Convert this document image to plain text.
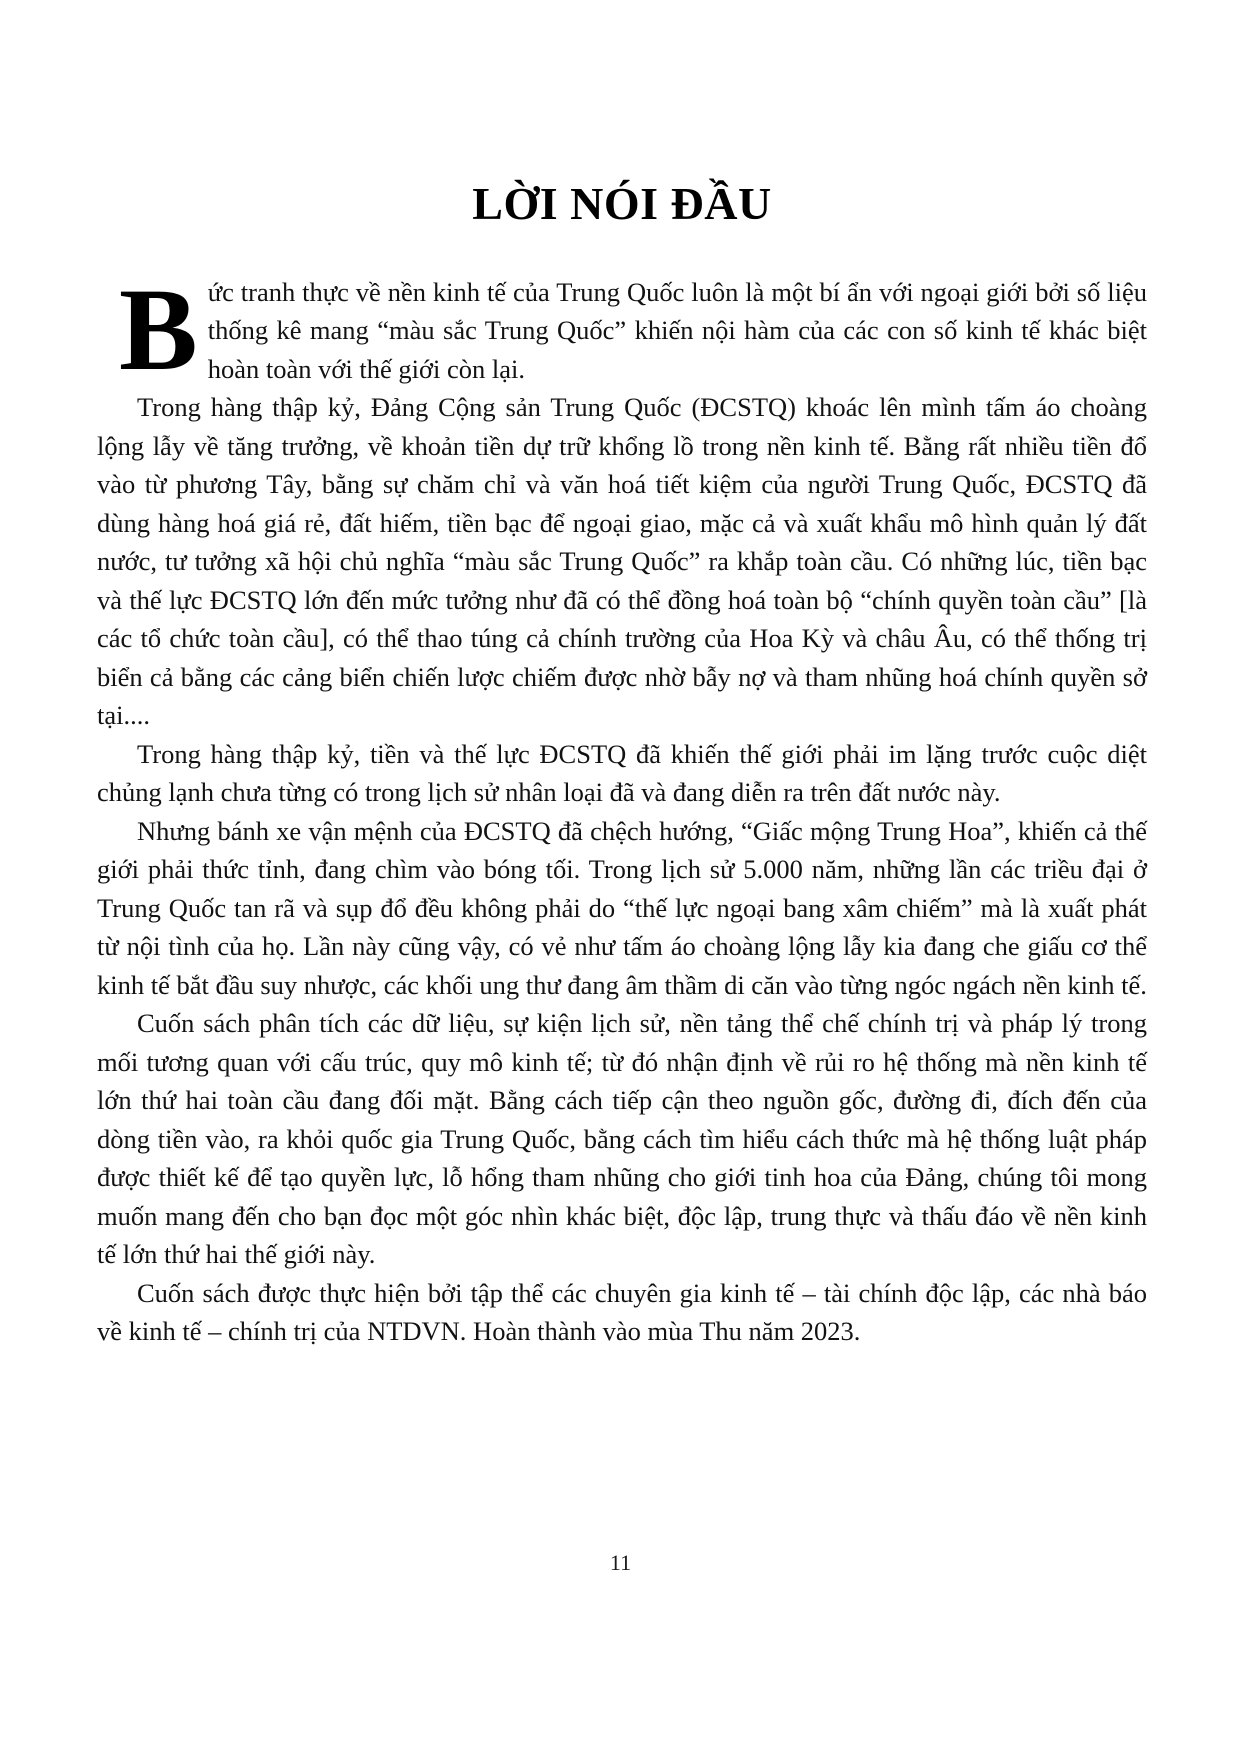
LỜI NÓI ĐẦU

Bức tranh thực về nền kinh tế của Trung Quốc luôn là một bí ẩn với ngoại giới bởi số liệu thống kê mang “màu sắc Trung Quốc” khiến nội hàm của các con số kinh tế khác biệt hoàn toàn với thế giới còn lại.

Trong hàng thập kỷ, Đảng Cộng sản Trung Quốc (ĐCSTQ) khoác lên mình tấm áo choàng lộng lẫy về tăng trưởng, về khoản tiền dự trữ khổng lồ trong nền kinh tế. Bằng rất nhiều tiền đổ vào từ phương Tây, bằng sự chăm chỉ và văn hoá tiết kiệm của người Trung Quốc, ĐCSTQ đã dùng hàng hoá giá rẻ, đất hiếm, tiền bạc để ngoại giao, mặc cả và xuất khẩu mô hình quản lý đất nước, tư tưởng xã hội chủ nghĩa “màu sắc Trung Quốc” ra khắp toàn cầu. Có những lúc, tiền bạc và thế lực ĐCSTQ lớn đến mức tưởng như đã có thể đồng hoá toàn bộ “chính quyền toàn cầu” [là các tổ chức toàn cầu], có thể thao túng cả chính trường của Hoa Kỳ và châu Âu, có thể thống trị biển cả bằng các cảng biển chiến lược chiếm được nhờ bẫy nợ và tham nhũng hoá chính quyền sở tại....

Trong hàng thập kỷ, tiền và thế lực ĐCSTQ đã khiến thế giới phải im lặng trước cuộc diệt chủng lạnh chưa từng có trong lịch sử nhân loại đã và đang diễn ra trên đất nước này.

Nhưng bánh xe vận mệnh của ĐCSTQ đã chệch hướng, “Giấc mộng Trung Hoa”, khiến cả thế giới phải thức tỉnh, đang chìm vào bóng tối. Trong lịch sử 5.000 năm, những lần các triều đại ở Trung Quốc tan rã và sụp đổ đều không phải do “thế lực ngoại bang xâm chiếm” mà là xuất phát từ nội tình của họ. Lần này cũng vậy, có vẻ như tấm áo choàng lộng lẫy kia đang che giấu cơ thể kinh tế bắt đầu suy nhược, các khối ung thư đang âm thầm di căn vào từng ngóc ngách nền kinh tế.

Cuốn sách phân tích các dữ liệu, sự kiện lịch sử, nền tảng thể chế chính trị và pháp lý trong mối tương quan với cấu trúc, quy mô kinh tế; từ đó nhận định về rủi ro hệ thống mà nền kinh tế lớn thứ hai toàn cầu đang đối mặt. Bằng cách tiếp cận theo nguồn gốc, đường đi, đích đến của dòng tiền vào, ra khỏi quốc gia Trung Quốc, bằng cách tìm hiểu cách thức mà hệ thống luật pháp được thiết kế để tạo quyền lực, lỗ hổng tham nhũng cho giới tinh hoa của Đảng, chúng tôi mong muốn mang đến cho bạn đọc một góc nhìn khác biệt, độc lập, trung thực và thấu đáo về nền kinh tế lớn thứ hai thế giới này.

Cuốn sách được thực hiện bởi tập thể các chuyên gia kinh tế – tài chính độc lập, các nhà báo về kinh tế – chính trị của NTDVN. Hoàn thành vào mùa Thu năm 2023.

11
